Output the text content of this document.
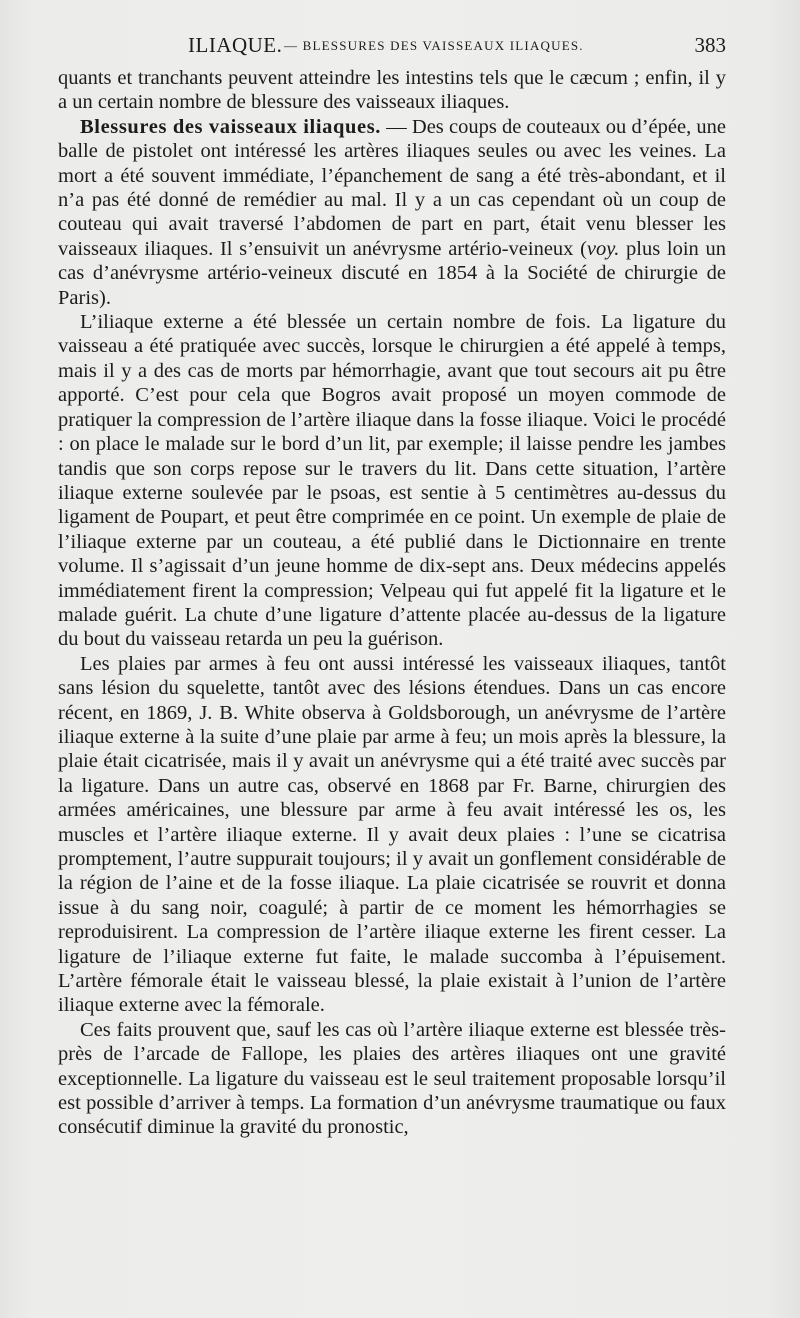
ILIAQUE. — BLESSURES DES VAISSEAUX ILIAQUES.	383

quants et tranchants peuvent atteindre les intestins tels que le cæcum ; enfin, il y a un certain nombre de blessure des vaisseaux iliaques.

Blessures des vaisseaux iliaques. — Des coups de couteaux ou d’épée, une balle de pistolet ont intéressé les artères iliaques seules ou avec les veines. La mort a été souvent immédiate, l’épanchement de sang a été très-abondant, et il n’a pas été donné de remédier au mal. Il y a un cas cependant où un coup de couteau qui avait traversé l’abdomen de part en part, était venu blesser les vaisseaux iliaques. Il s’ensuivit un anévrysme artério-veineux (voy. plus loin un cas d’anévrysme artério-veineux discuté en 1854 à la Société de chirurgie de Paris).

L’iliaque externe a été blessée un certain nombre de fois. La ligature du vaisseau a été pratiquée avec succès, lorsque le chirurgien a été appelé à temps, mais il y a des cas de morts par hémorrhagie, avant que tout secours ait pu être apporté. C’est pour cela que Bogros avait proposé un moyen commode de pratiquer la compression de l’artère iliaque dans la fosse iliaque. Voici le procédé : on place le malade sur le bord d’un lit, par exemple; il laisse pendre les jambes tandis que son corps repose sur le travers du lit. Dans cette situation, l’artère iliaque externe soulevée par le psoas, est sentie à 5 centimètres au-dessus du ligament de Poupart, et peut être comprimée en ce point. Un exemple de plaie de l’iliaque externe par un couteau, a été publié dans le Dictionnaire en trente volume. Il s’agissait d’un jeune homme de dix-sept ans. Deux médecins appelés immédiatement firent la compression; Velpeau qui fut appelé fit la ligature et le malade guérit. La chute d’une ligature d’attente placée au-dessus de la ligature du bout du vaisseau retarda un peu la guérison.

Les plaies par armes à feu ont aussi intéressé les vaisseaux iliaques, tantôt sans lésion du squelette, tantôt avec des lésions étendues. Dans un cas encore récent, en 1869, J. B. White observa à Goldsborough, un anévrysme de l’artère iliaque externe à la suite d’une plaie par arme à feu; un mois après la blessure, la plaie était cicatrisée, mais il y avait un anévrysme qui a été traité avec succès par la ligature. Dans un autre cas, observé en 1868 par Fr. Barne, chirurgien des armées américaines, une blessure par arme à feu avait intéressé les os, les muscles et l’artère iliaque externe. Il y avait deux plaies : l’une se cicatrisa promptement, l’autre suppurait toujours; il y avait un gonflement considérable de la région de l’aine et de la fosse iliaque. La plaie cicatrisée se rouvrit et donna issue à du sang noir, coagulé; à partir de ce moment les hémorrhagies se reproduisirent. La compression de l’artère iliaque externe les firent cesser. La ligature de l’iliaque externe fut faite, le malade succomba à l’épuisement. L’artère fémorale était le vaisseau blessé, la plaie existait à l’union de l’artère iliaque externe avec la fémorale.

Ces faits prouvent que, sauf les cas où l’artère iliaque externe est blessée très-près de l’arcade de Fallope, les plaies des artères iliaques ont une gravité exceptionnelle. La ligature du vaisseau est le seul traitement proposable lorsqu’il est possible d’arriver à temps. La formation d’un anévrysme traumatique ou faux consécutif diminue la gravité du pronostic,
